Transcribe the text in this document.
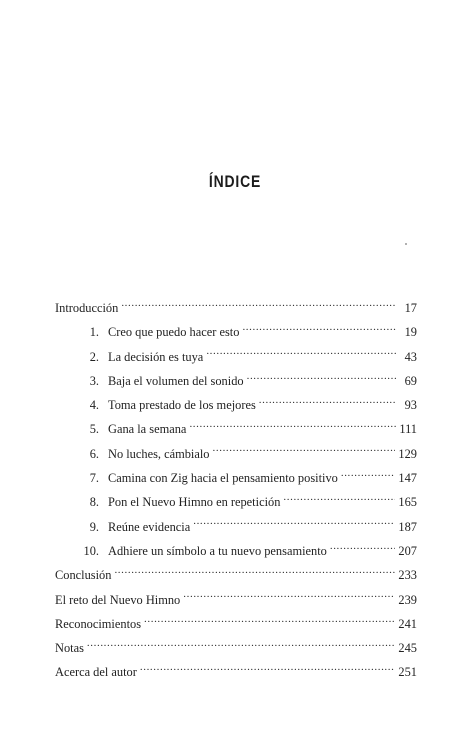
ÍNDICE
Introducción .....	17
1. Creo que puedo hacer esto .....	19
2. La decisión es tuya .....	43
3. Baja el volumen del sonido .....	69
4. Toma prestado de los mejores .....	93
5. Gana la semana .....	111
6. No luches, cámbialo .....	129
7. Camina con Zig hacia el pensamiento positivo .....	147
8. Pon el Nuevo Himno en repetición .....	165
9. Reúne evidencia .....	187
10. Adhiere un símbolo a tu nuevo pensamiento .....	207
Conclusión .....	233
El reto del Nuevo Himno .....	239
Reconocimientos .....	241
Notas .....	245
Acerca del autor .....	251
